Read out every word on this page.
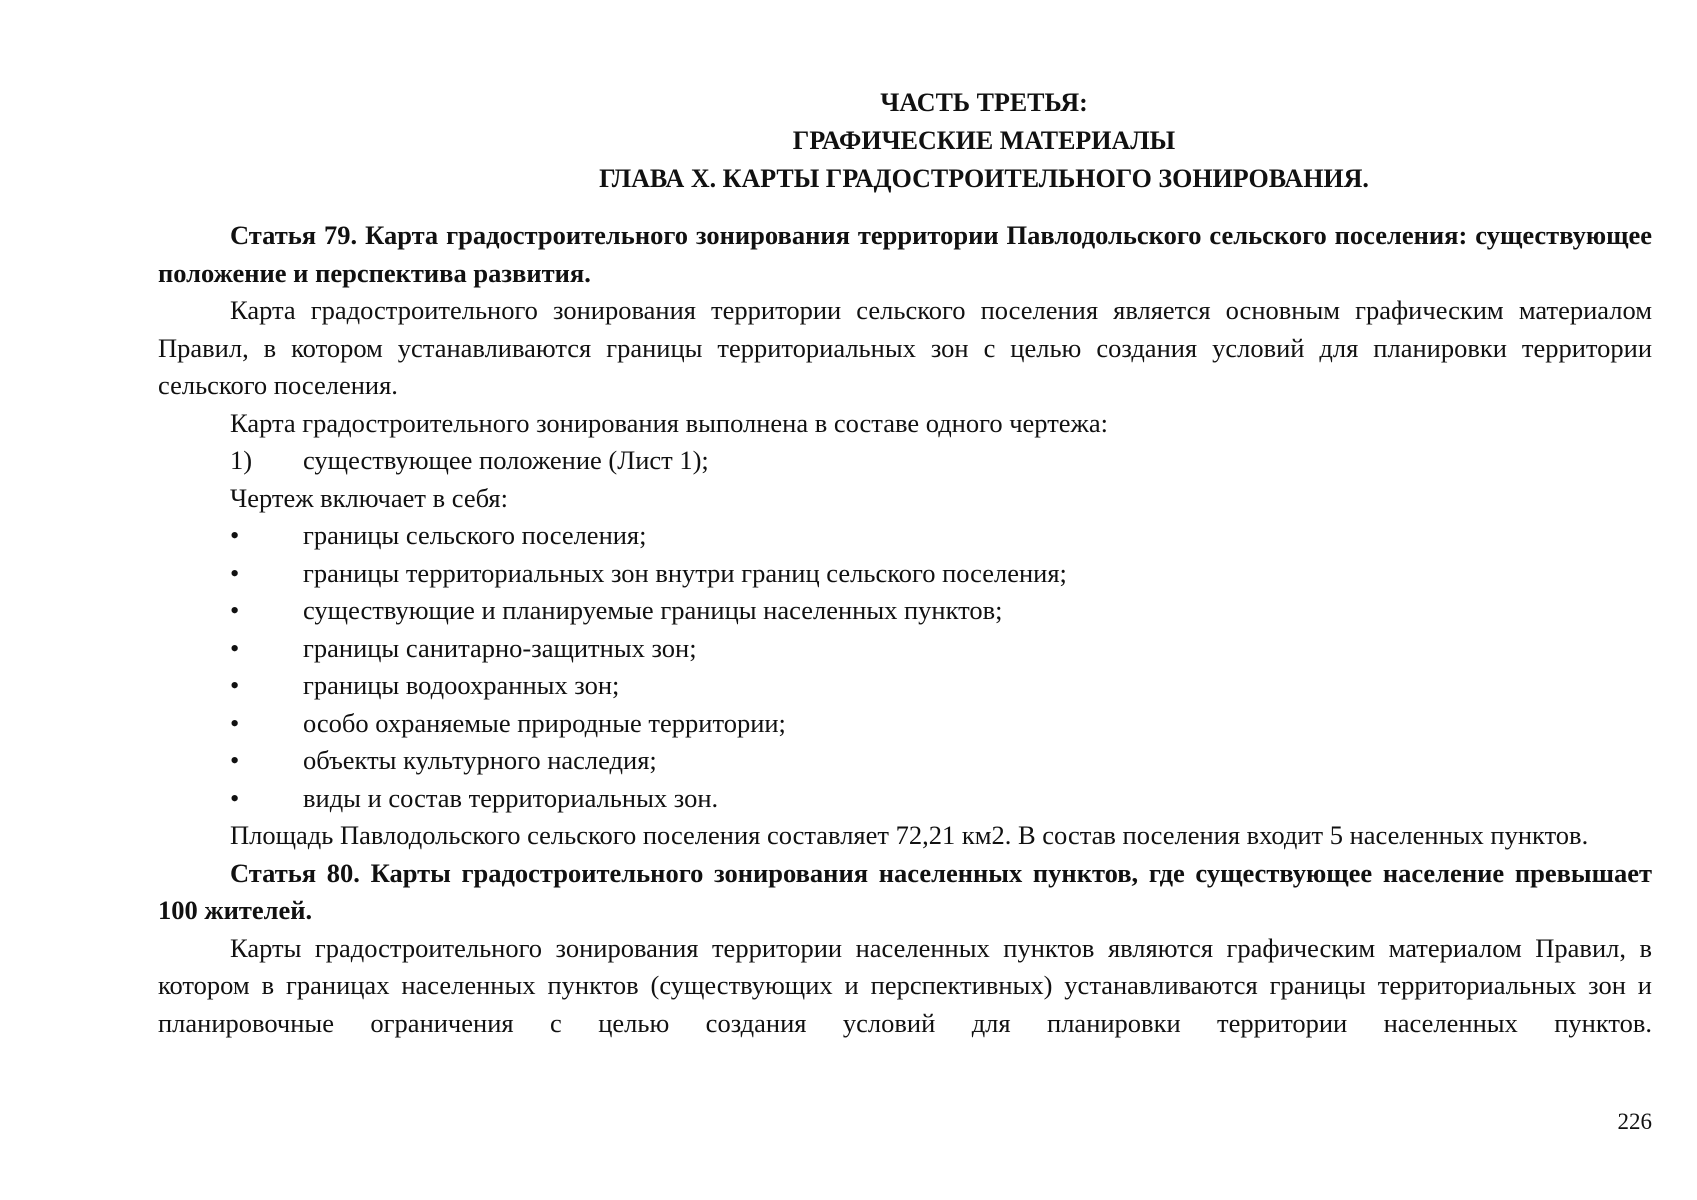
ЧАСТЬ ТРЕТЬЯ:
ГРАФИЧЕСКИЕ МАТЕРИАЛЫ
ГЛАВА X. КАРТЫ ГРАДОСТРОИТЕЛЬНОГО ЗОНИРОВАНИЯ.

Статья 79. Карта градостроительного зонирования территории Павлодольского сельского поселения: существующее положение и перспектива развития.

Карта градостроительного зонирования территории сельского поселения является основным графическим материалом Правил, в котором устанавливаются границы территориальных зон с целью создания условий для планировки территории сельского поселения.

Карта градостроительного зонирования выполнена в составе одного чертежа:

1) существующее положение (Лист 1);

Чертеж включает в себя:

• границы сельского поселения;

• границы территориальных зон внутри границ сельского поселения;

• существующие и планируемые границы населенных пунктов;

• границы санитарно-защитных зон;

• границы водоохранных зон;

• особо охраняемые природные территории;

• объекты культурного наследия;

• виды и состав территориальных зон.

Площадь Павлодольского сельского поселения составляет 72,21 км2. В состав поселения входит 5 населенных пунктов.

Статья 80. Карты градостроительного зонирования населенных пунктов, где существующее население превышает 100 жителей.

Карты градостроительного зонирования территории населенных пунктов являются графическим материалом Правил, в котором в границах населенных пунктов (существующих и перспективных) устанавливаются границы территориальных зон и планировочные ограничения с целью создания условий для планировки территории населенных пунктов.

226
